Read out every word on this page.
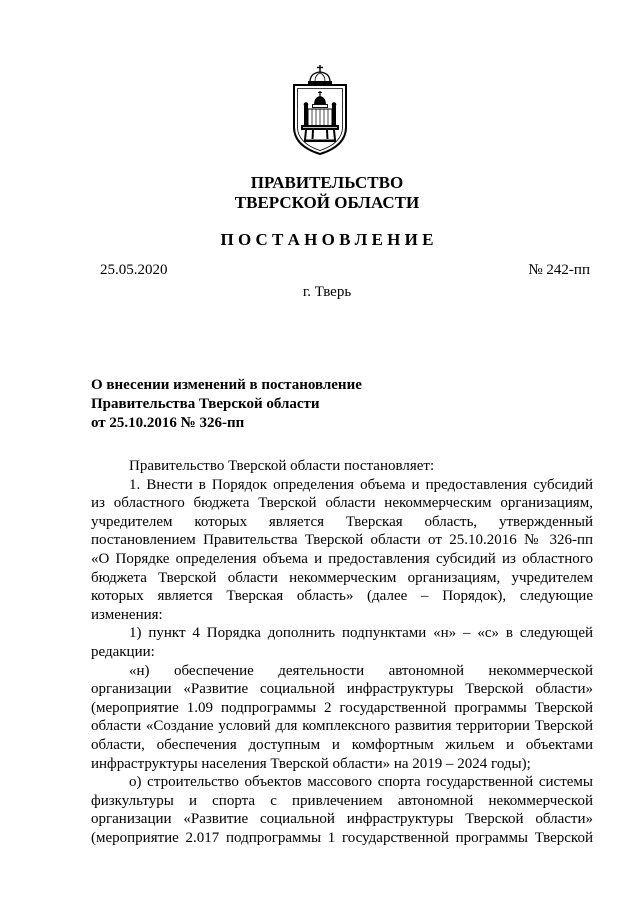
ПРАВИТЕЛЬСТВО
ТВЕРСКОЙ ОБЛАСТИ
П О С Т А Н О В Л Е Н И Е
25.05.2020	№ 242-пп
г. Тверь
О внесении изменений в постановление
Правительства Тверской области
от 25.10.2016 № 326-пп
Правительство Тверской области постановляет:
1. Внести в Порядок определения объема и предоставления субсидий
из областного бюджета Тверской области некоммерческим организациям,
учредителем которых является Тверская область, утвержденный
постановлением Правительства Тверской области от 25.10.2016 № 326-пп
«О Порядке определения объема и предоставления субсидий из областного
бюджета Тверской области некоммерческим организациям, учредителем
которых является Тверская область» (далее – Порядок), следующие
изменения:
1) пункт 4 Порядка дополнить подпунктами «н» – «с» в следующей
редакции:
«н) обеспечение деятельности автономной некоммерческой
организации «Развитие социальной инфраструктуры Тверской области»
(мероприятие 1.09 подпрограммы 2 государственной программы Тверской
области «Создание условий для комплексного развития территории Тверской
области, обеспечения доступным и комфортным жильем и объектами
инфраструктуры населения Тверской области» на 2019 – 2024 годы);
о) строительство объектов массового спорта государственной системы
физкультуры и спорта с привлечением автономной некоммерческой
организации «Развитие социальной инфраструктуры Тверской области»
(мероприятие 2.017 подпрограммы 1 государственной программы Тверской
